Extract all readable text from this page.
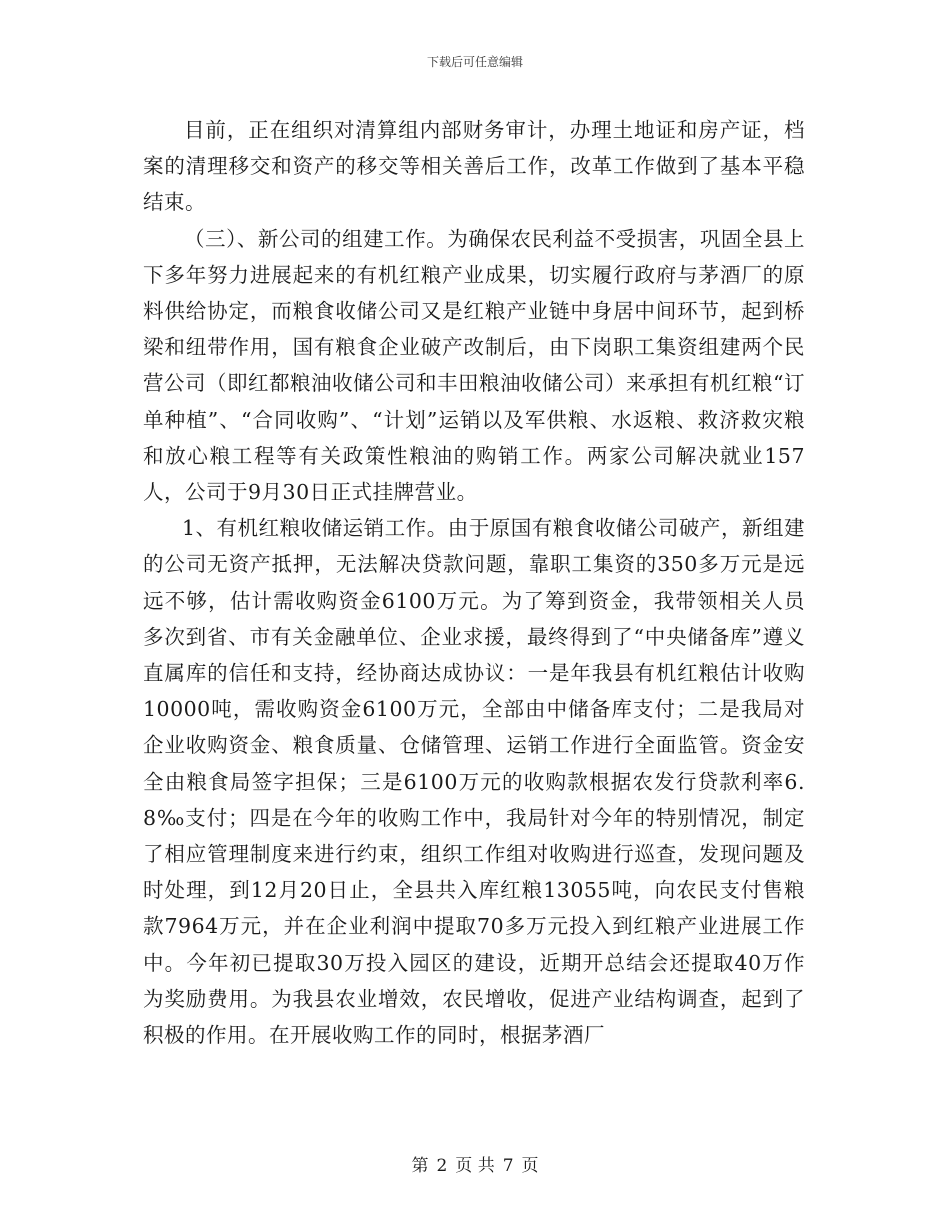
下载后可任意编辑

目前，正在组织对清算组内部财务审计，办理土地证和房产证，档案的清理移交和资产的移交等相关善后工作，改革工作做到了基本平稳结束。

（三）、新公司的组建工作。为确保农民利益不受损害，巩固全县上下多年努力进展起来的有机红粮产业成果，切实履行政府与茅酒厂的原料供给协定，而粮食收储公司又是红粮产业链中身居中间环节，起到桥梁和纽带作用，国有粮食企业破产改制后，由下岗职工集资组建两个民营公司（即红都粮油收储公司和丰田粮油收储公司）来承担有机红粮“订单种植”、“合同收购”、“计划”运销以及军供粮、水返粮、救济救灾粮和放心粮工程等有关政策性粮油的购销工作。两家公司解决就业157人，公司于9月30日正式挂牌营业。

1、有机红粮收储运销工作。由于原国有粮食收储公司破产，新组建的公司无资产抵押，无法解决贷款问题，靠职工集资的350多万元是远远不够，估计需收购资金6100万元。为了筹到资金，我带领相关人员多次到省、市有关金融单位、企业求援，最终得到了“中央储备库”遵义直属库的信任和支持，经协商达成协议：一是年我县有机红粮估计收购10000吨，需收购资金6100万元，全部由中储备库支付；二是我局对企业收购资金、粮食质量、仓储管理、运销工作进行全面监管。资金安全由粮食局签字担保；三是6100万元的收购款根据农发行贷款利率6.8‰支付；四是在今年的收购工作中，我局针对今年的特别情况，制定了相应管理制度来进行约束，组织工作组对收购进行巡查，发现问题及时处理，到12月20日止，全县共入库红粮13055吨，向农民支付售粮款7964万元，并在企业利润中提取70多万元投入到红粮产业进展工作中。今年初已提取30万投入园区的建设，近期开总结会还提取40万作为奖励费用。为我县农业增效，农民增收，促进产业结构调查，起到了积极的作用。在开展收购工作的同时，根据茅酒厂

第 2 页 共 7 页
